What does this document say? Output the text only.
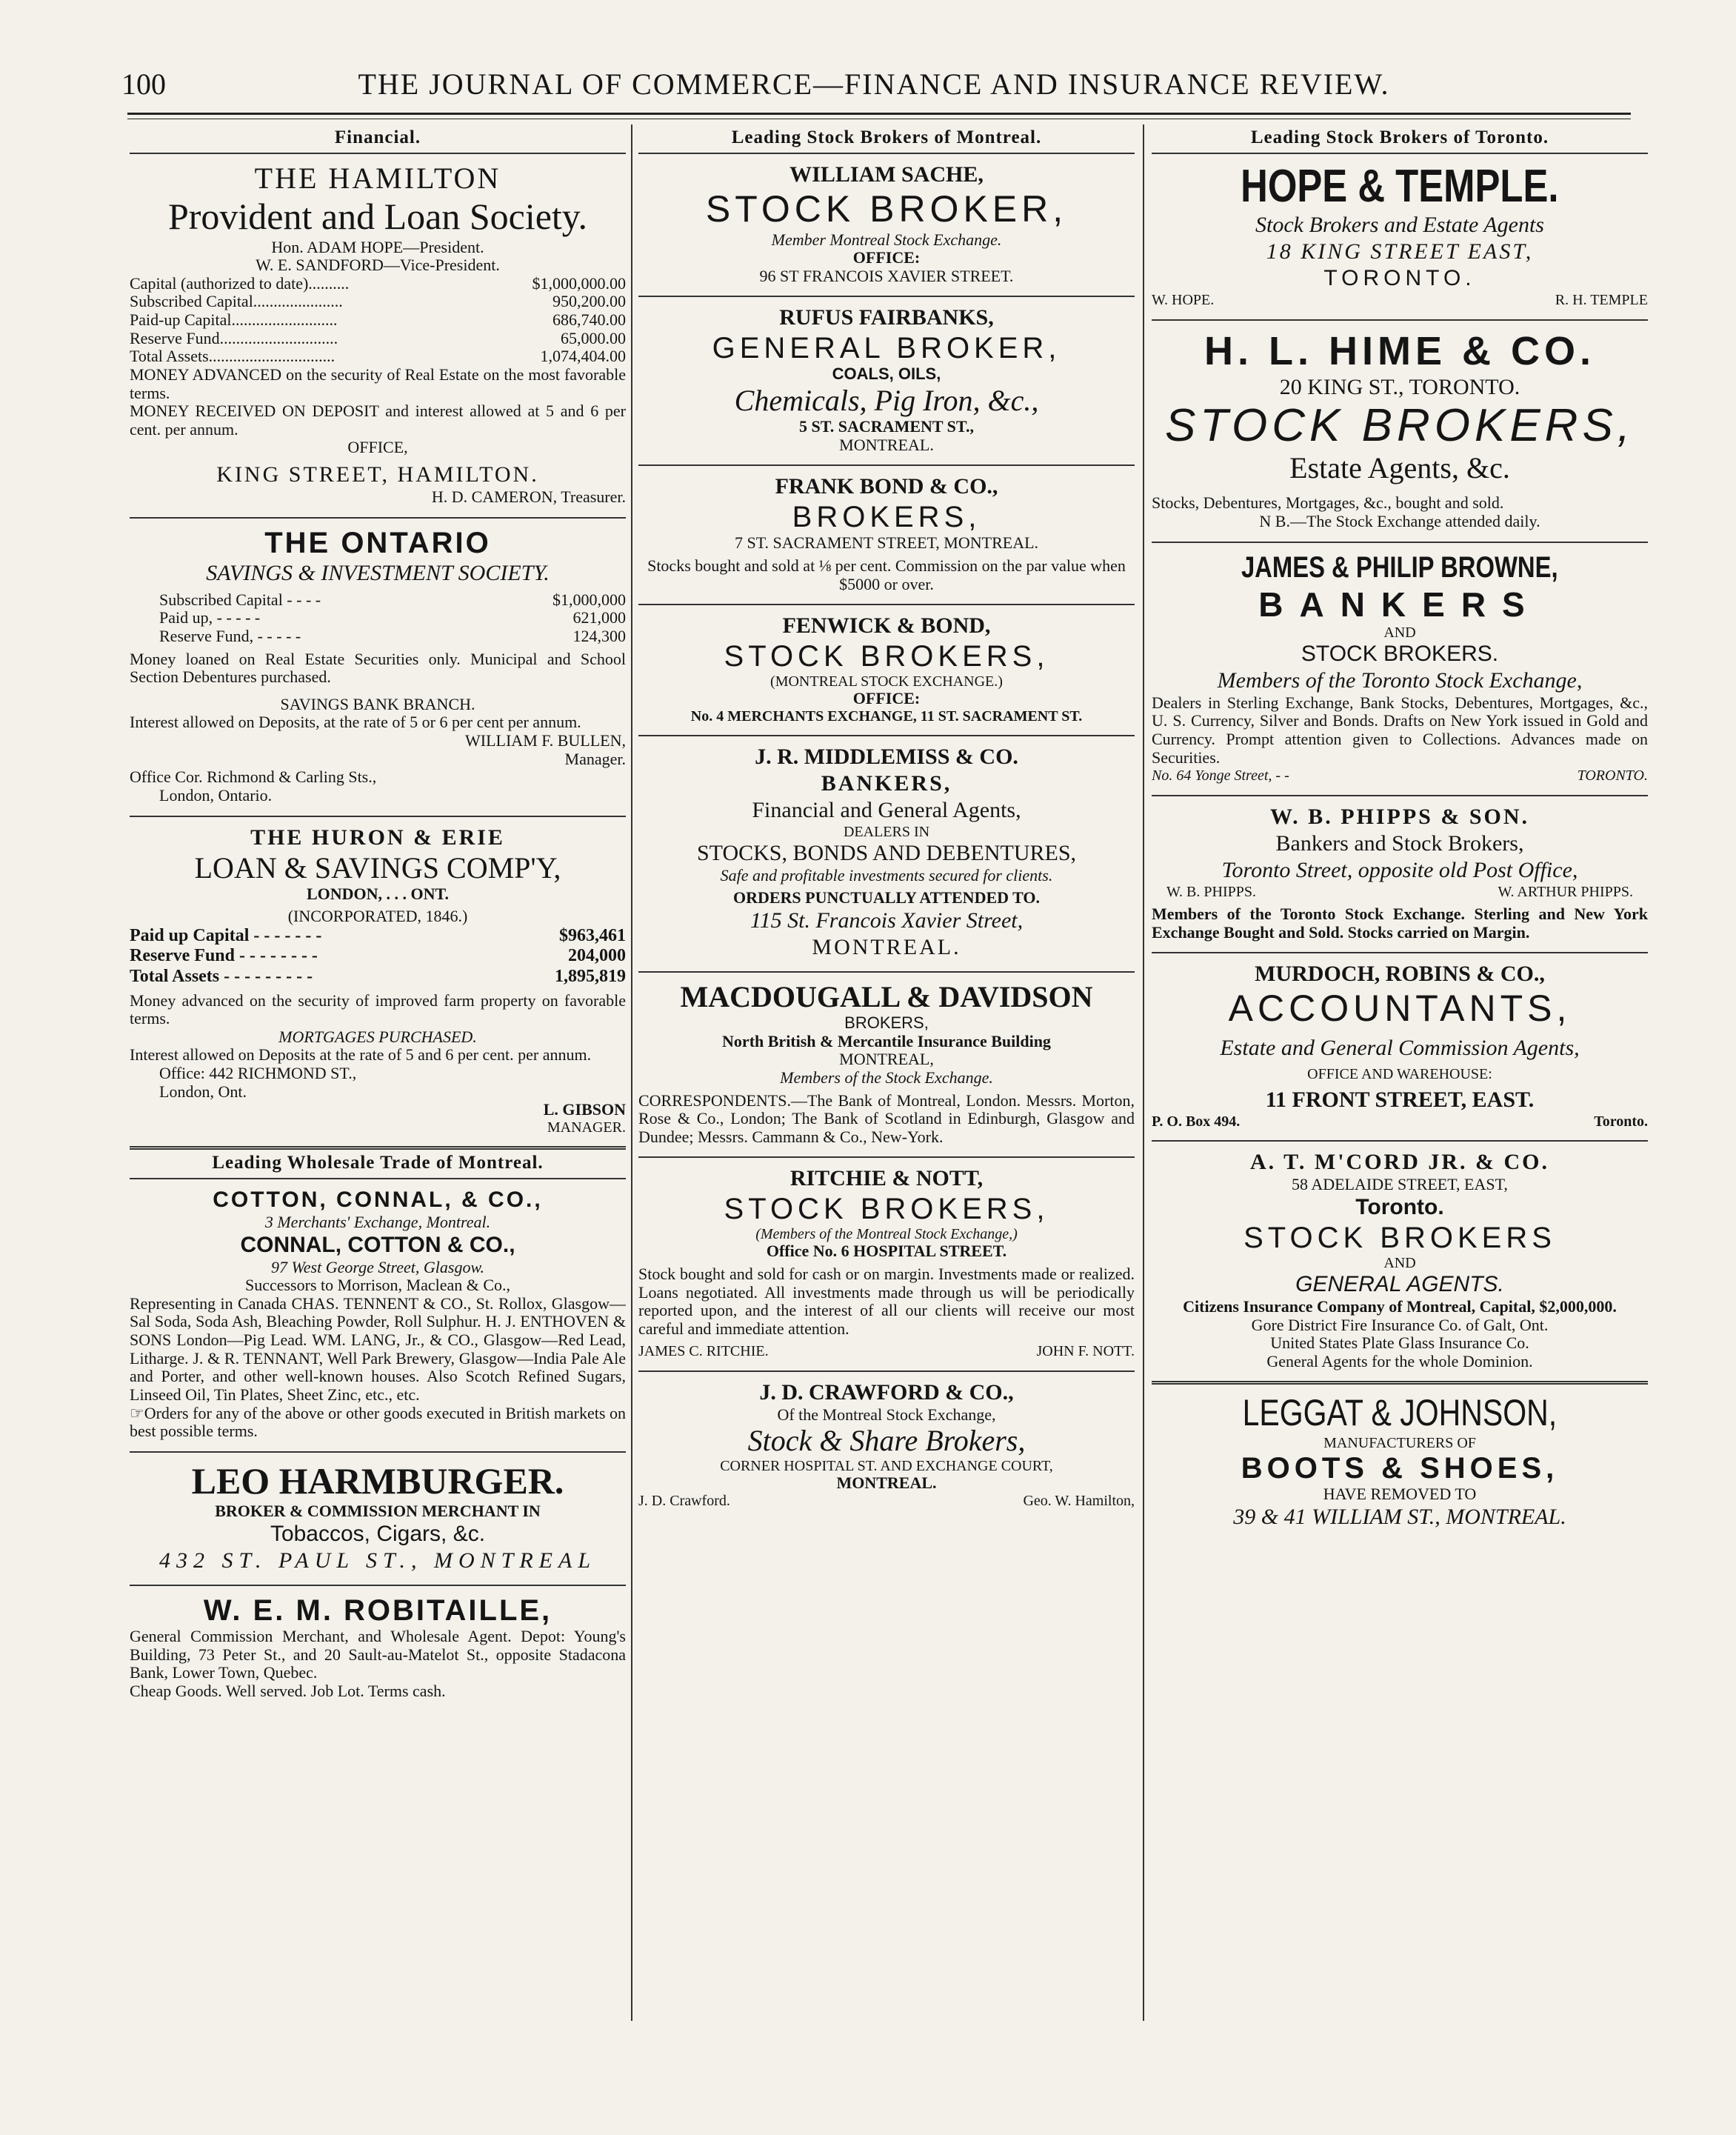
100	THE JOURNAL OF COMMERCE—FINANCE AND INSURANCE REVIEW.
Financial.
THE HAMILTON
Provident and Loan Society.
Hon. ADAM HOPE—President.
W. E. SANDFORD—Vice-President.
Capital (authorized to date)..........	$1,000,000.00
Subscribed Capital......................	950,200.00
Paid-up Capital..........................	686,740.00
Reserve Fund.............................	65,000.00
Total Assets...............................	1,074,404.00
MONEY ADVANCED on the security of Real Estate on the most favorable terms.
MONEY RECEIVED ON DEPOSIT and interest allowed at 5 and 6 per cent. per annum.
OFFICE,
KING STREET, HAMILTON.
H. D. CAMERON, Treasurer.
THE ONTARIO
SAVINGS & INVESTMENT SOCIETY.
Subscribed Capital - - - -	$1,000,000
Paid up, - - - - -	621,000
Reserve Fund, - - - - -	124,300
Money loaned on Real Estate Securities only. Municipal and School Section Debentures purchased.
SAVINGS BANK BRANCH.
Interest allowed on Deposits, at the rate of 5 or 6 per cent per annum.
WILLIAM F. BULLEN,
Manager.
Office Cor. Richmond & Carling Sts.,
London, Ontario.
THE HURON & ERIE
LOAN & SAVINGS COMP'Y,
LONDON, . . . ONT.
(INCORPORATED, 1846.)
Paid up Capital - - - - - - -	$963,461
Reserve Fund - - - - - - - -	204,000
Total Assets - - - - - - - - -	1,895,819
Money advanced on the security of improved farm property on favorable terms.
MORTGAGES PURCHASED.
Interest allowed on Deposits at the rate of 5 and 6 per cent. per annum.
Office: 442 RICHMOND ST.,
London, Ont.
L. GIBSON
MANAGER.
Leading Wholesale Trade of Montreal.
COTTON, CONNAL, & CO.,
3 Merchants' Exchange, Montreal.
CONNAL, COTTON & CO.,
97 West George Street, Glasgow.
Successors to Morrison, Maclean & Co.,
Representing in Canada CHAS. TENNENT & CO., St. Rollox, Glasgow—Sal Soda, Soda Ash, Bleaching Powder, Roll Sulphur. H. J. ENTHOVEN & SONS London—Pig Lead. WM. LANG, Jr., & CO., Glasgow—Red Lead, Litharge. J. & R. TENNANT, Well Park Brewery, Glasgow—India Pale Ale and Porter, and other well-known houses. Also Scotch Refined Sugars, Linseed Oil, Tin Plates, Sheet Zinc, etc., etc.
☞Orders for any of the above or other goods executed in British markets on best possible terms.
LEO HARMBURGER.
BROKER & COMMISSION MERCHANT IN
Tobaccos, Cigars, &c.
432 ST. PAUL ST., MONTREAL
W. E. M. ROBITAILLE,
General Commission Merchant, and Wholesale Agent. Depot: Young's Building, 73 Peter St., and 20 Sault-au-Matelot St., opposite Stadacona Bank, Lower Town, Quebec.
Cheap Goods. Well served. Job Lot. Terms cash.
Leading Stock Brokers of Montreal.
WILLIAM SACHE,
STOCK BROKER,
Member Montreal Stock Exchange.
OFFICE:
96 ST FRANCOIS XAVIER STREET.
RUFUS FAIRBANKS,
GENERAL BROKER,
COALS, OILS,
Chemicals, Pig Iron, &c.,
5 ST. SACRAMENT ST.,
MONTREAL.
FRANK BOND & CO.,
BROKERS,
7 ST. SACRAMENT STREET, MONTREAL.
Stocks bought and sold at ⅛ per cent. Commission on the par value when $5000 or over.
FENWICK & BOND,
STOCK BROKERS,
(MONTREAL STOCK EXCHANGE.)
OFFICE:
No. 4 MERCHANTS EXCHANGE, 11 ST. SACRAMENT ST.
J. R. MIDDLEMISS & CO.
BANKERS,
Financial and General Agents,
DEALERS IN
STOCKS, BONDS AND DEBENTURES,
Safe and profitable investments secured for clients.
ORDERS PUNCTUALLY ATTENDED TO.
115 St. Francois Xavier Street,
MONTREAL.
MACDOUGALL & DAVIDSON
BROKERS,
North British & Mercantile Insurance Building
MONTREAL,
Members of the Stock Exchange.
CORRESPONDENTS.—The Bank of Montreal, London. Messrs. Morton, Rose & Co., London; The Bank of Scotland in Edinburgh, Glasgow and Dundee; Messrs. Cammann & Co., New-York.
RITCHIE & NOTT,
STOCK BROKERS,
(Members of the Montreal Stock Exchange,)
Office No. 6 HOSPITAL STREET.
Stock bought and sold for cash or on margin. Investments made or realized. Loans negotiated. All investments made through us will be periodically reported upon, and the interest of all our clients will receive our most careful and immediate attention.
JAMES C. RITCHIE.	JOHN F. NOTT.
J. D. CRAWFORD & CO.,
Of the Montreal Stock Exchange,
Stock & Share Brokers,
CORNER HOSPITAL ST. AND EXCHANGE COURT,
MONTREAL.
J. D. Crawford.	Geo. W. Hamilton,
Leading Stock Brokers of Toronto.
HOPE & TEMPLE.
Stock Brokers and Estate Agents
18 KING STREET EAST,
TORONTO.
W. HOPE.	R. H. TEMPLE
H. L. HIME & CO.
20 KING ST., TORONTO.
STOCK BROKERS,
Estate Agents, &c.
Stocks, Debentures, Mortgages, &c., bought and sold.
N B.—The Stock Exchange attended daily.
JAMES & PHILIP BROWNE,
BANKERS
AND
STOCK BROKERS.
Members of the Toronto Stock Exchange,
Dealers in Sterling Exchange, Bank Stocks, Debentures, Mortgages, &c., U. S. Currency, Silver and Bonds. Drafts on New York issued in Gold and Currency. Prompt attention given to Collections. Advances made on Securities.
No. 64 Yonge Street, - -	TORONTO.
W. B. PHIPPS & SON.
Bankers and Stock Brokers,
Toronto Street, opposite old Post Office,
W. B. PHIPPS.	W. ARTHUR PHIPPS.
Members of the Toronto Stock Exchange. Sterling and New York Exchange Bought and Sold. Stocks carried on Margin.
MURDOCH, ROBINS & CO.,
ACCOUNTANTS,
Estate and General Commission Agents,
OFFICE AND WAREHOUSE:
11 FRONT STREET, EAST.
P. O. Box 494.	Toronto.
A. T. M'CORD JR. & CO.
58 ADELAIDE STREET, EAST,
Toronto.
STOCK BROKERS
AND
GENERAL AGENTS.
Citizens Insurance Company of Montreal, Capital, $2,000,000.
Gore District Fire Insurance Co. of Galt, Ont.
United States Plate Glass Insurance Co.
General Agents for the whole Dominion.
LEGGAT & JOHNSON,
MANUFACTURERS OF
BOOTS & SHOES,
HAVE REMOVED TO
39 & 41 WILLIAM ST., MONTREAL.
